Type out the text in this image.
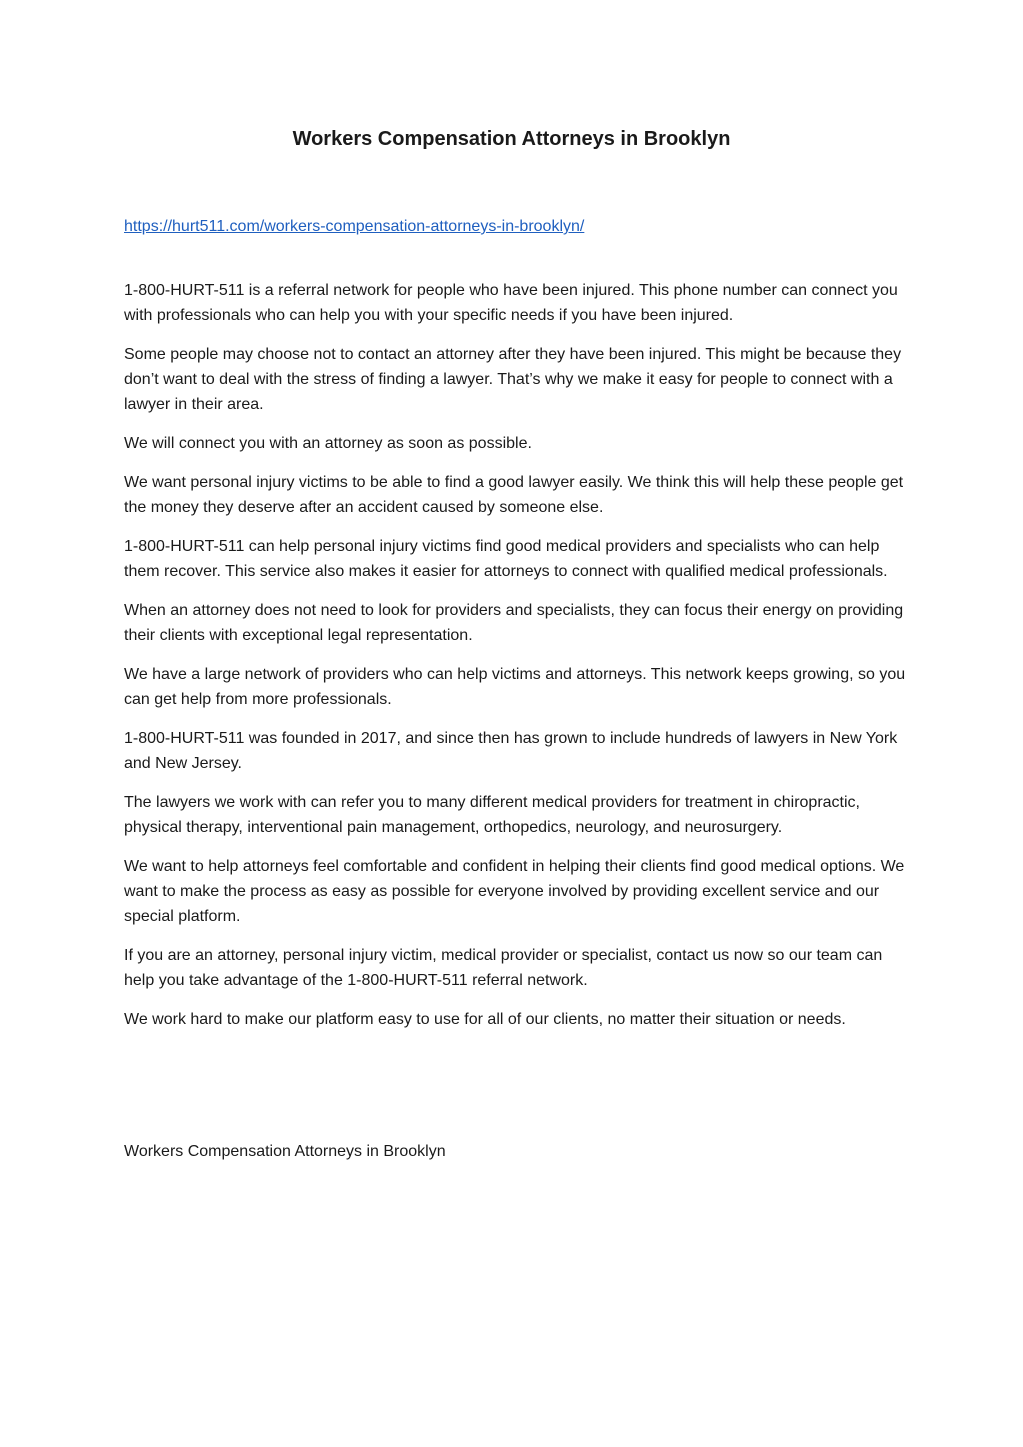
Workers Compensation Attorneys in Brooklyn
https://hurt511.com/workers-compensation-attorneys-in-brooklyn/

1-800-HURT-511 is a referral network for people who have been injured. This phone number can connect you with professionals who can help you with your specific needs if you have been injured.

Some people may choose not to contact an attorney after they have been injured. This might be because they don’t want to deal with the stress of finding a lawyer. That’s why we make it easy for people to connect with a lawyer in their area.

We will connect you with an attorney as soon as possible.

We want personal injury victims to be able to find a good lawyer easily. We think this will help these people get the money they deserve after an accident caused by someone else.

1-800-HURT-511 can help personal injury victims find good medical providers and specialists who can help them recover. This service also makes it easier for attorneys to connect with qualified medical professionals.

When an attorney does not need to look for providers and specialists, they can focus their energy on providing their clients with exceptional legal representation.

We have a large network of providers who can help victims and attorneys. This network keeps growing, so you can get help from more professionals.

1-800-HURT-511 was founded in 2017, and since then has grown to include hundreds of lawyers in New York and New Jersey.

The lawyers we work with can refer you to many different medical providers for treatment in chiropractic, physical therapy, interventional pain management, orthopedics, neurology, and neurosurgery.

We want to help attorneys feel comfortable and confident in helping their clients find good medical options. We want to make the process as easy as possible for everyone involved by providing excellent service and our special platform.

If you are an attorney, personal injury victim, medical provider or specialist, contact us now so our team can help you take advantage of the 1-800-HURT-511 referral network.

We work hard to make our platform easy to use for all of our clients, no matter their situation or needs.

Workers Compensation Attorneys in Brooklyn
